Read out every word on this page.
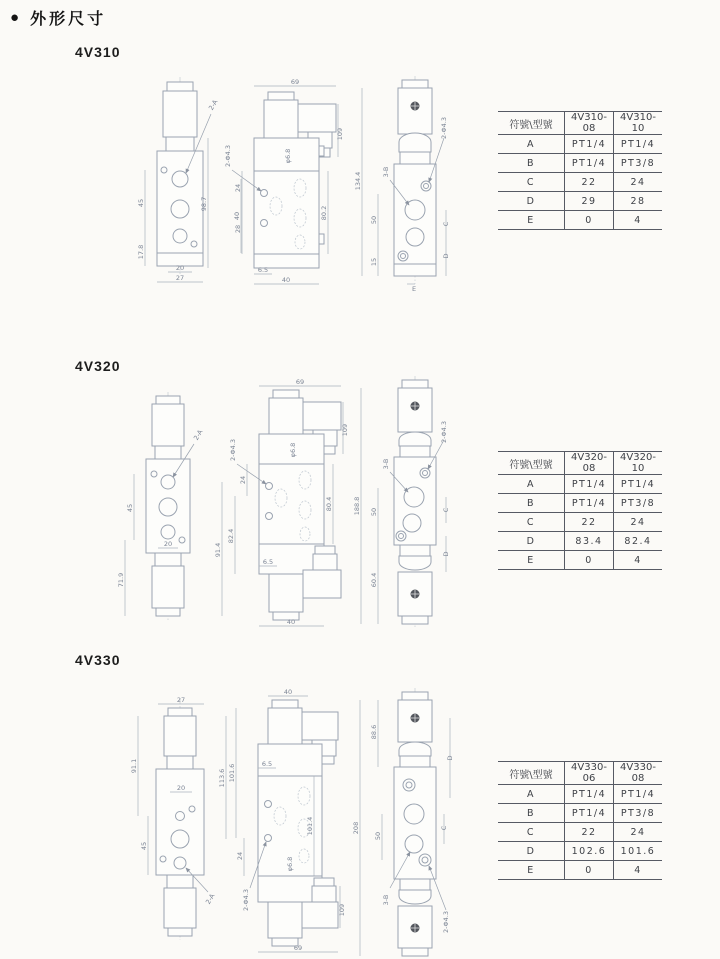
● 外形尺寸
4V310
2-A
45
17.8
40
20
27
69
109
φ6.8
98.7
2-Φ4.3
24
28
80.2
6.5
40
134.4	3-B
50
15
2-Φ4.3
C
D
E
符號\型號	4V310-08	4V310-10
A	PT1/4	PT1/4
B	PT1/4	PT3/8
C	22	24
D	29	28
E	0	4
4V320
2-A
45
71.9
20	91.4
69
109
φ6.8
6.5
40
2-Φ4.3
24
82.4
80.4	188.8
3-B
50
60.4
2-Φ4.3
C
D
符號\型號	4V320-08	4V320-10
A	PT1/4	PT1/4
B	PT1/4	PT3/8
C	22	24
D	83.4	82.4
E	0	4
4V330
27
20
91.1
45
113.6
2-A
40
6.5
101.4
φ6.8
109
69
101.6
24
2-Φ4.3
208
88.6
50
D
C
3-B
2-Φ4.3
符號\型號	4V330-06	4V330-08
A	PT1/4	PT1/4
B	PT1/4	PT3/8
C	22	24
D	102.6	101.6
E	0	4
